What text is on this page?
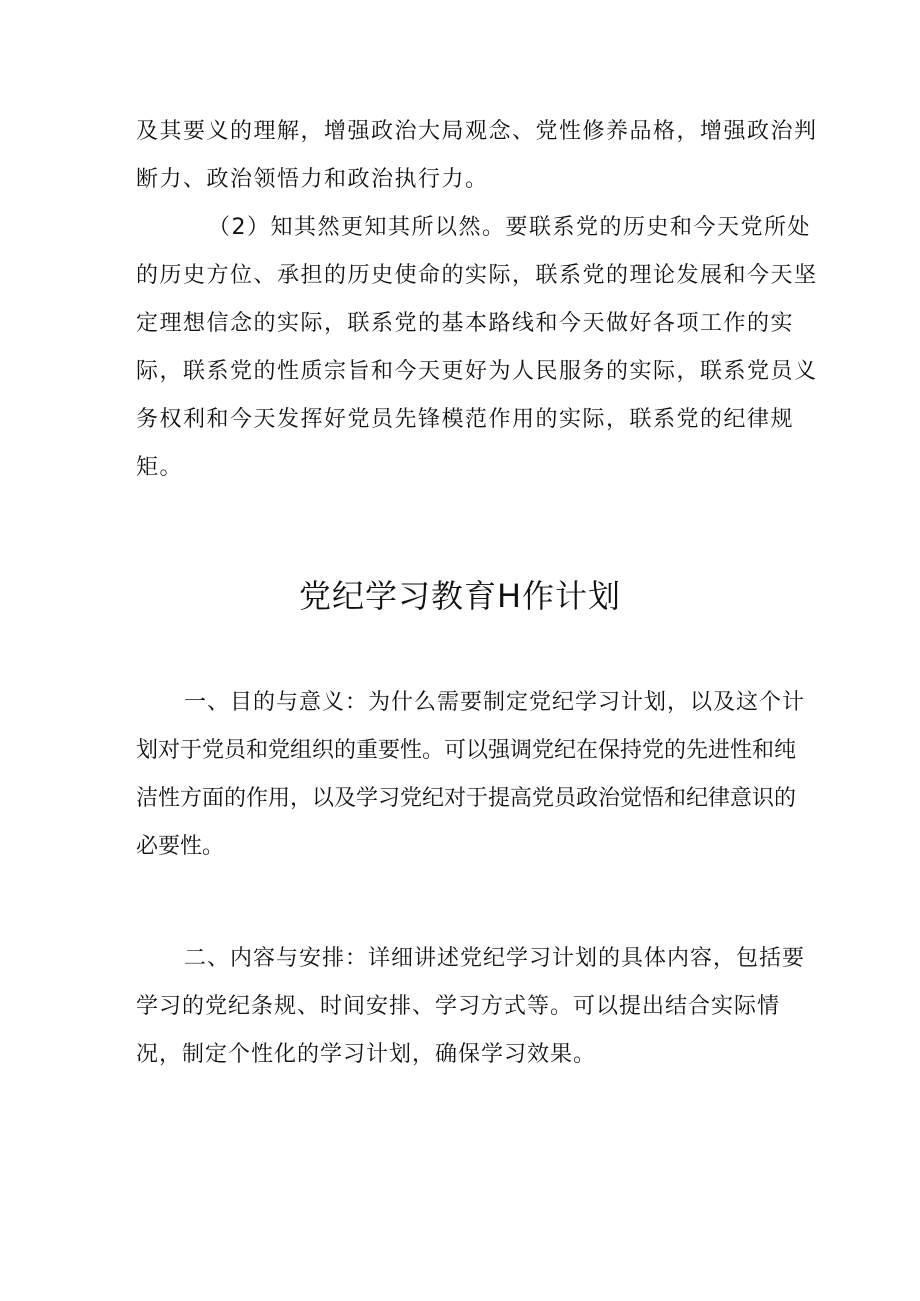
及其要义的理解，增强政治大局观念、党性修养品格，增强政治判
断力、政治领悟力和政治执行力。
（2）知其然更知其所以然。要联系党的历史和今天党所处
的历史方位、承担的历史使命的实际，联系党的理论发展和今天坚
定理想信念的实际，联系党的基本路线和今天做好各项工作的实
际，联系党的性质宗旨和今天更好为人民服务的实际，联系党员义
务权利和今天发挥好党员先锋模范作用的实际，联系党的纪律规
矩。
党纪学习教育H作计划
一、目的与意义：为什么需要制定党纪学习计划，以及这个计
划对于党员和党组织的重要性。可以强调党纪在保持党的先进性和纯
洁性方面的作用，以及学习党纪对于提高党员政治觉悟和纪律意识的
必要性。
二、内容与安排：详细讲述党纪学习计划的具体内容，包括要
学习的党纪条规、时间安排、学习方式等。可以提出结合实际情
况，制定个性化的学习计划，确保学习效果。
